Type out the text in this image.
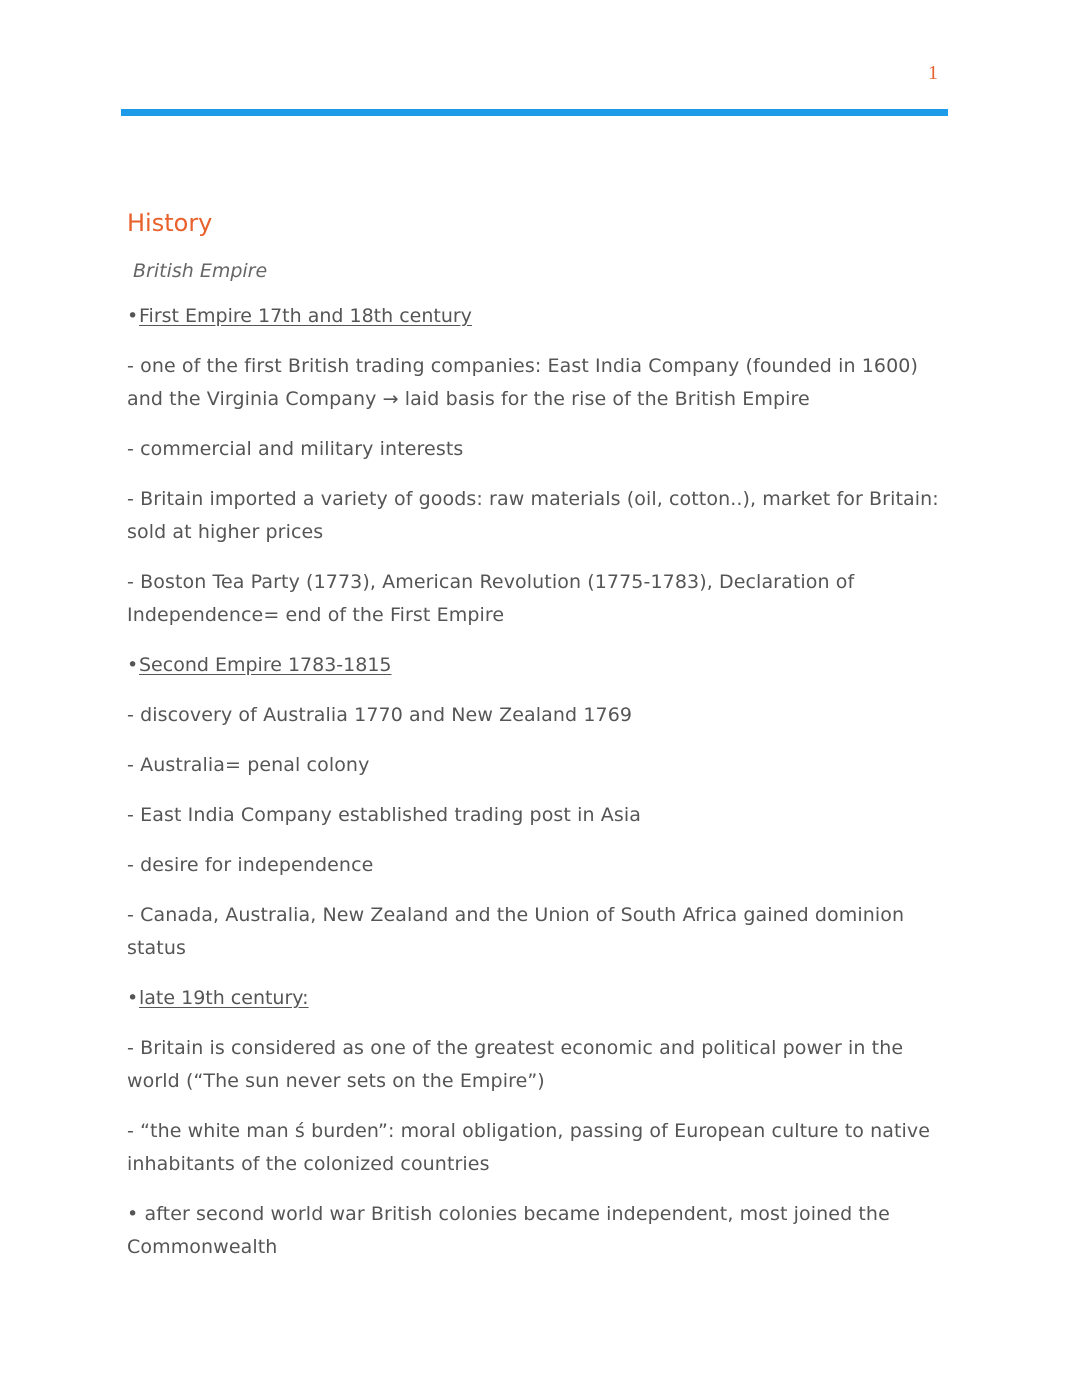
1
History
British Empire
•First Empire 17th and 18th century
- one of the first British trading companies: East India Company (founded in 1600) and the Virginia Company → laid basis for the rise of the British Empire
- commercial and military interests
- Britain imported a variety of goods: raw materials (oil, cotton..), market for Britain: sold at higher prices
- Boston Tea Party (1773), American Revolution (1775-1783), Declaration of Independence= end of the First Empire
•Second Empire 1783-1815
- discovery of Australia 1770 and New Zealand 1769
- Australia= penal colony
- East India Company established trading post in Asia
- desire for independence
- Canada, Australia, New Zealand and the Union of South Africa gained dominion status
•late 19th century:
- Britain is considered as one of the greatest economic and political power in the world (“The sun never sets on the Empire”)
- “the white man ś burden”: moral obligation, passing of European culture to native inhabitants of the colonized countries
• after second world war British colonies became independent, most joined the Commonwealth
